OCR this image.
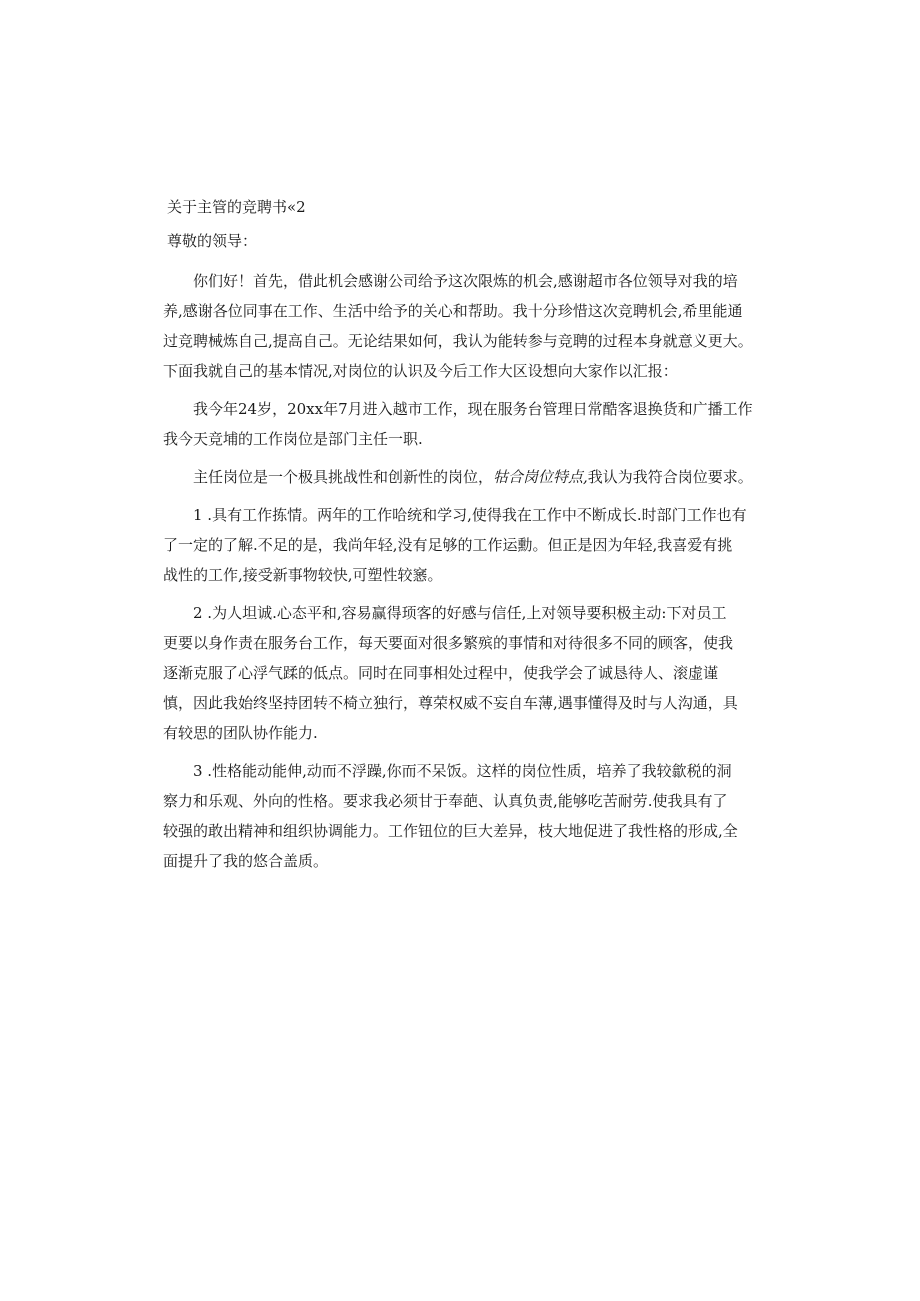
关于主管的竞聘书«2
尊敬的领导：
你们好！首先，借此机会感谢公司给予这次限炼的机会,感谢超市各位领导对我的培
养,感谢各位同事在工作、生活中给予的关心和帮助。我十分珍惜这次竞聘机会,希里能通
过竞聘械炼自己,提高自己。无论结果如何，我认为能转参与竞聘的过程本身就意义更大。
下面我就自己的基本情况,对岗位的认识及今后工作大区设想向大家作以汇报：
我今年24岁，20xx年7月进入越市工作，现在服务台管理日常酷客退换货和广播工作
我今天竞埔的工作岗位是部门主任一职.
主任岗位是一个极具挑战性和创新性的岗位，牯合岗位特点,我认为我符合岗位要求。
1 .具有工作拣情。两年的工作哈统和学习,使得我在工作中不断成长.时部门工作也有
了一定的了解.不足的是，我尚年轻,没有足够的工作运勳。但正是因为年轻,我喜爱有挑
战性的工作,接受新事物较快,可塑性较窸。
2 .为人坦诚.心态平和,容易赢得顼客的好感与信任,上对领导要积极主动:下对员工
更要以身作责在服务台工作，每天要面对很多繁殡的事情和对待很多不同的顾客，使我
逐渐克服了心浮气蹂的低点。同时在同事相处过程中，使我学会了诚恳待人、滚虚谨
慎，因此我始终坚持团转不椅立独行，尊荣权威不妄自车薄,遇事懂得及时与人沟通，具
有较思的团队协作能力.
3 .性格能动能伸,动而不浮躁,你而不呆饭。这样的岗位性质，培养了我较歙税的洞
察力和乐观、外向的性格。要求我必须甘于奉葩、认真负责,能够吃苦耐劳.使我具有了
较强的敢出精神和组织协调能力。工作钮位的巨大差异，枝大地促进了我性格的形成,全
面提升了我的悠合盖质。
